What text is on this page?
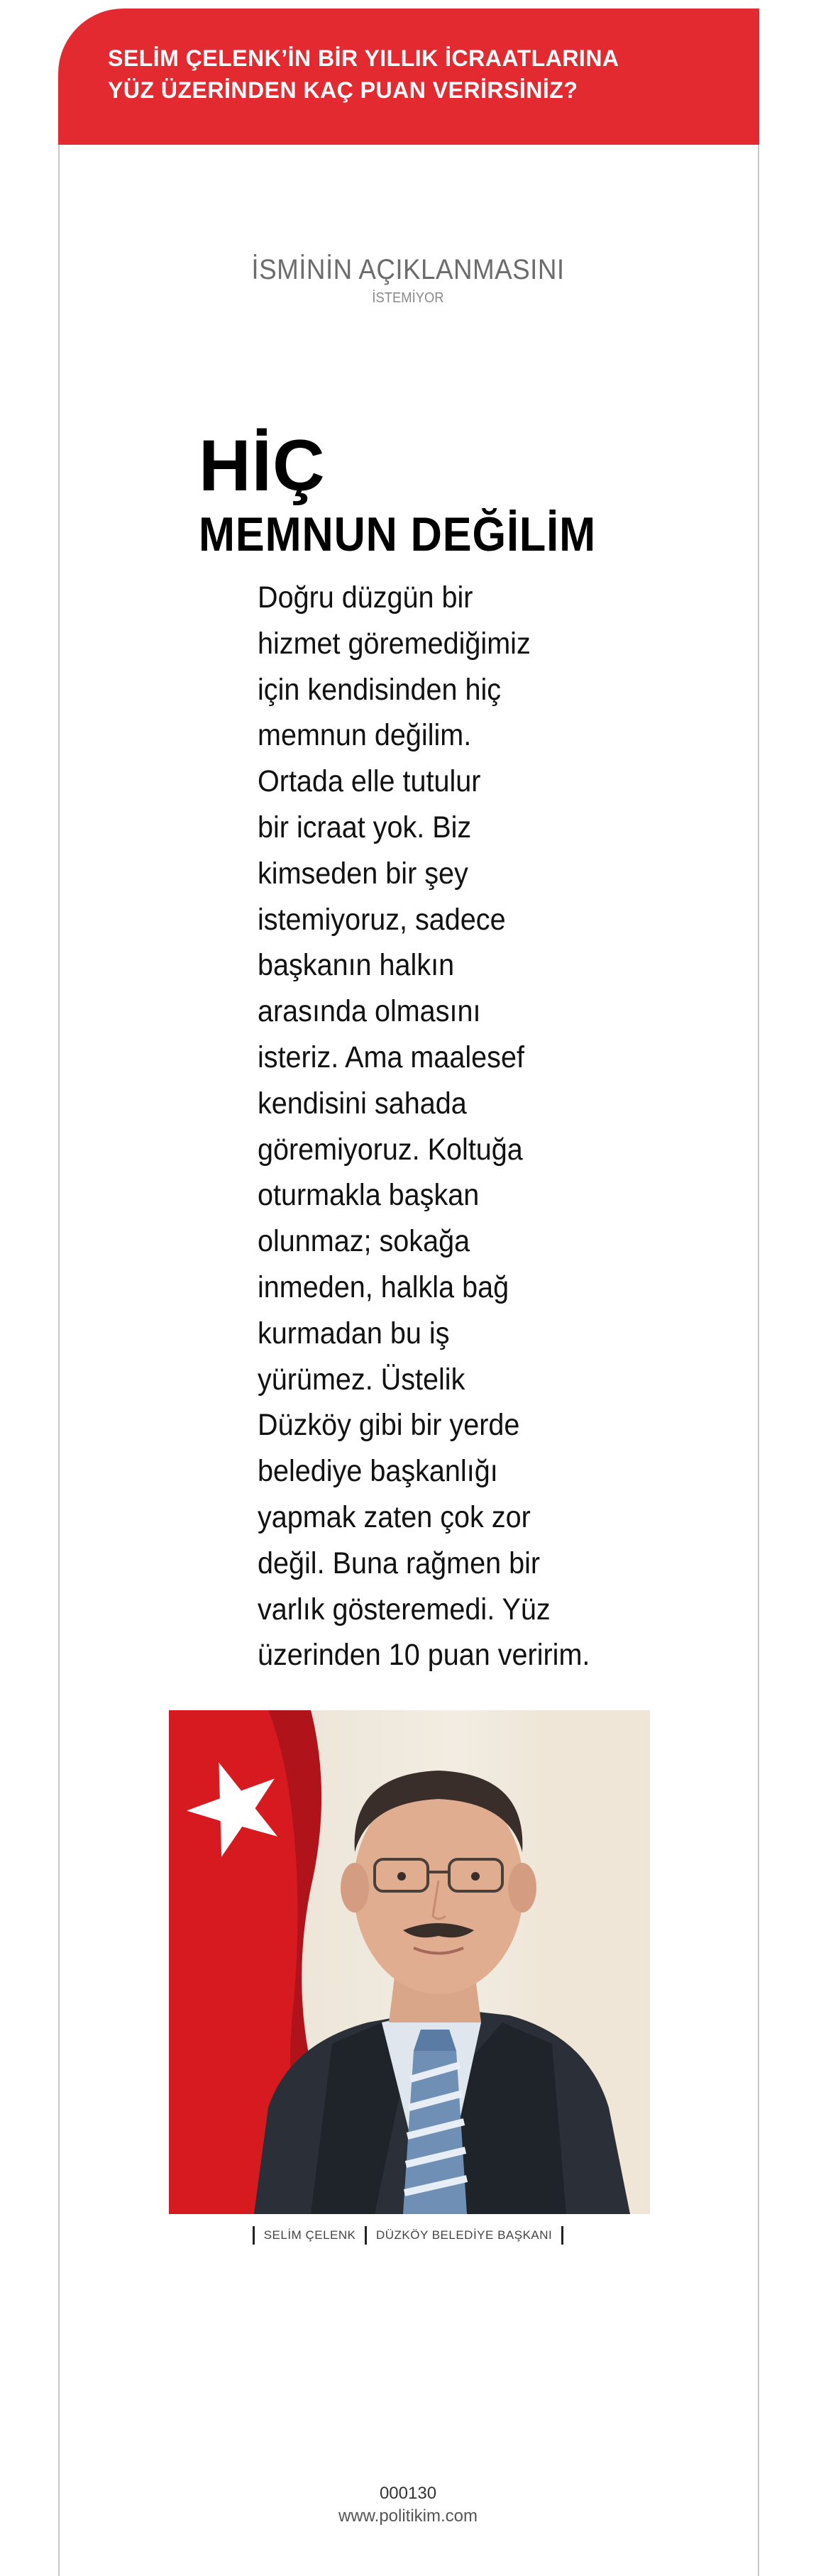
SELİM ÇELENK’İN BİR YILLIK İCRAATLARINA
YÜZ ÜZERİNDEN KAÇ PUAN VERİRSİNİZ?
İSMİNİN AÇIKLANMASINI
İSTEMİYOR
HİÇ
MEMNUN DEĞİLİM

Doğru düzgün bir
hizmet göremediğimiz
için kendisinden hiç
memnun değilim.
Ortada elle tutulur
bir icraat yok. Biz
kimseden bir şey
istemiyoruz, sadece
başkanın halkın
arasında olmasını
isteriz. Ama maalesef
kendisini sahada
göremiyoruz. Koltuğa
oturmakla başkan
olunmaz; sokağa
inmeden, halkla bağ
kurmadan bu iş
yürümez. Üstelik
Düzköy gibi bir yerde
belediye başkanlığı
yapmak zaten çok zor
değil. Buna rağmen bir
varlık gösteremedi. Yüz
üzerinden 10 puan veririm.

SELİM ÇELENK DÜZKÖY BELEDİYE BAŞKANI
000130
www.politikim.com
